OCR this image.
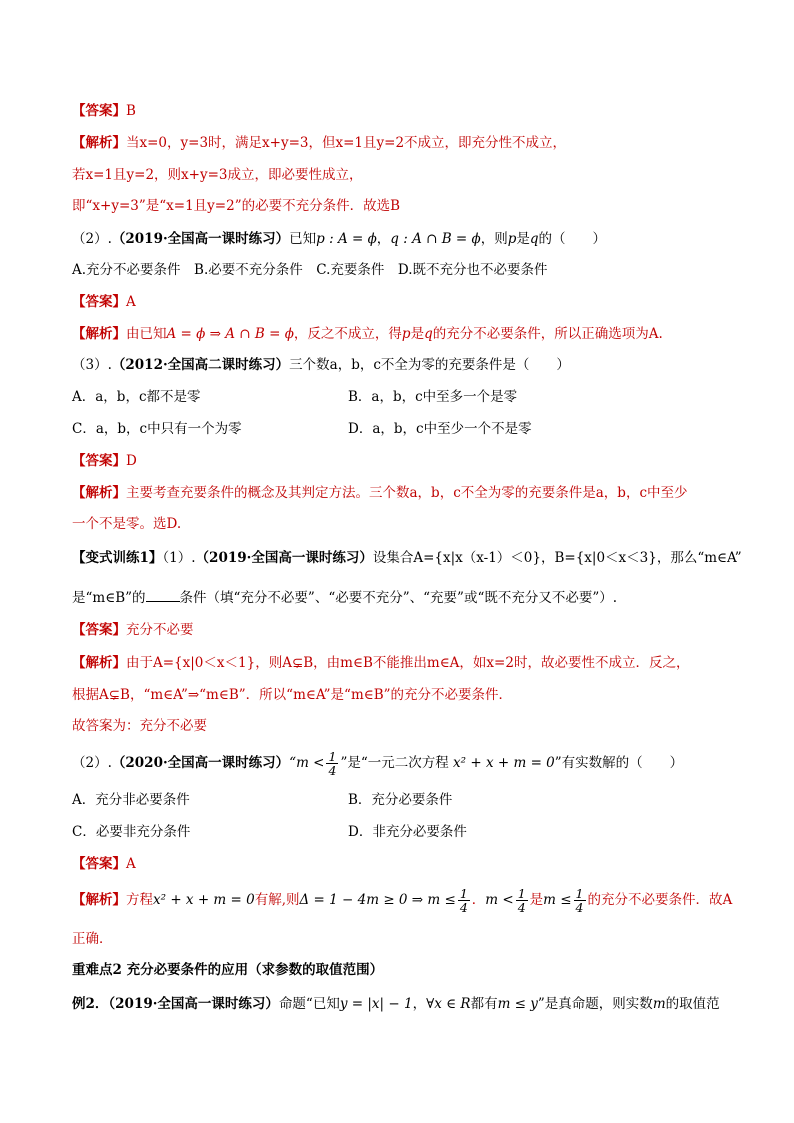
【答案】B
【解析】当x=0，y=3时，满足x+y=3，但x=1且y=2不成立，即充分性不成立，
若x=1且y=2，则x+y=3成立，即必要性成立，
即“x+y=3”是“x=1且y=2”的必要不充分条件．故选B
（2）.（2019·全国高一课时练习）已知p : A = ϕ，q : A ∩ B = ϕ，则p是q的（　　）
A.充分不必要条件　B.必要不充分条件　C.充要条件　D.既不充分也不必要条件
【答案】A
【解析】由已知A = ϕ ⇒ A ∩ B = ϕ，反之不成立，得p是q的充分不必要条件，所以正确选项为A.
（3）.（2012·全国高二课时练习）三个数a，b，c不全为零的充要条件是（　　）
A．a，b，c都不是零	B．a，b，c中至多一个是零
C．a，b，c中只有一个为零	D．a，b，c中至少一个不是零
【答案】D
【解析】主要考查充要条件的概念及其判定方法。三个数a，b，c不全为零的充要条件是a，b，c中至少
一个不是零。选D.
【变式训练1】（1）.（2019·全国高一课时练习）设集合A={x|x（x-1）＜0}，B={x|0＜x＜3}，那么“m∈A”
是“m∈B”的	条件（填“充分不必要”、“必要不充分”、“充要”或“既不充分又不必要”）.
【答案】充分不必要
【解析】由于A={x|0＜x＜1}，则A⊊B，由m∈B不能推出m∈A，如x=2时，故必要性不成立．反之，
根据A⊊B，“m∈A”⇒“m∈B”．所以“m∈A”是“m∈B”的充分不必要条件．
故答案为：充分不必要
（2）.（2020·全国高一课时练习）“m < $\frac{1}{4}$ ”是“一元二次方程 x² + x + m = 0”有实数解的（　　）
A．充分非必要条件	B．充分必要条件
C．必要非充分条件	D．非充分必要条件
【答案】A
【解析】方程x² + x + m = 0有解,则Δ = 1 − 4m ≥ 0 ⇒ $m \le \frac{1}{4}$ ．$m < \frac{1}{4}$ 是$m \le \frac{1}{4}$ 的充分不必要条件．故A
正确．
重难点2 充分必要条件的应用（求参数的取值范围）
例2．（2019·全国高一课时练习）命题“已知y = |x| − 1，∀x ∈ R都有m ≤ y”是真命题，则实数m的取值范
